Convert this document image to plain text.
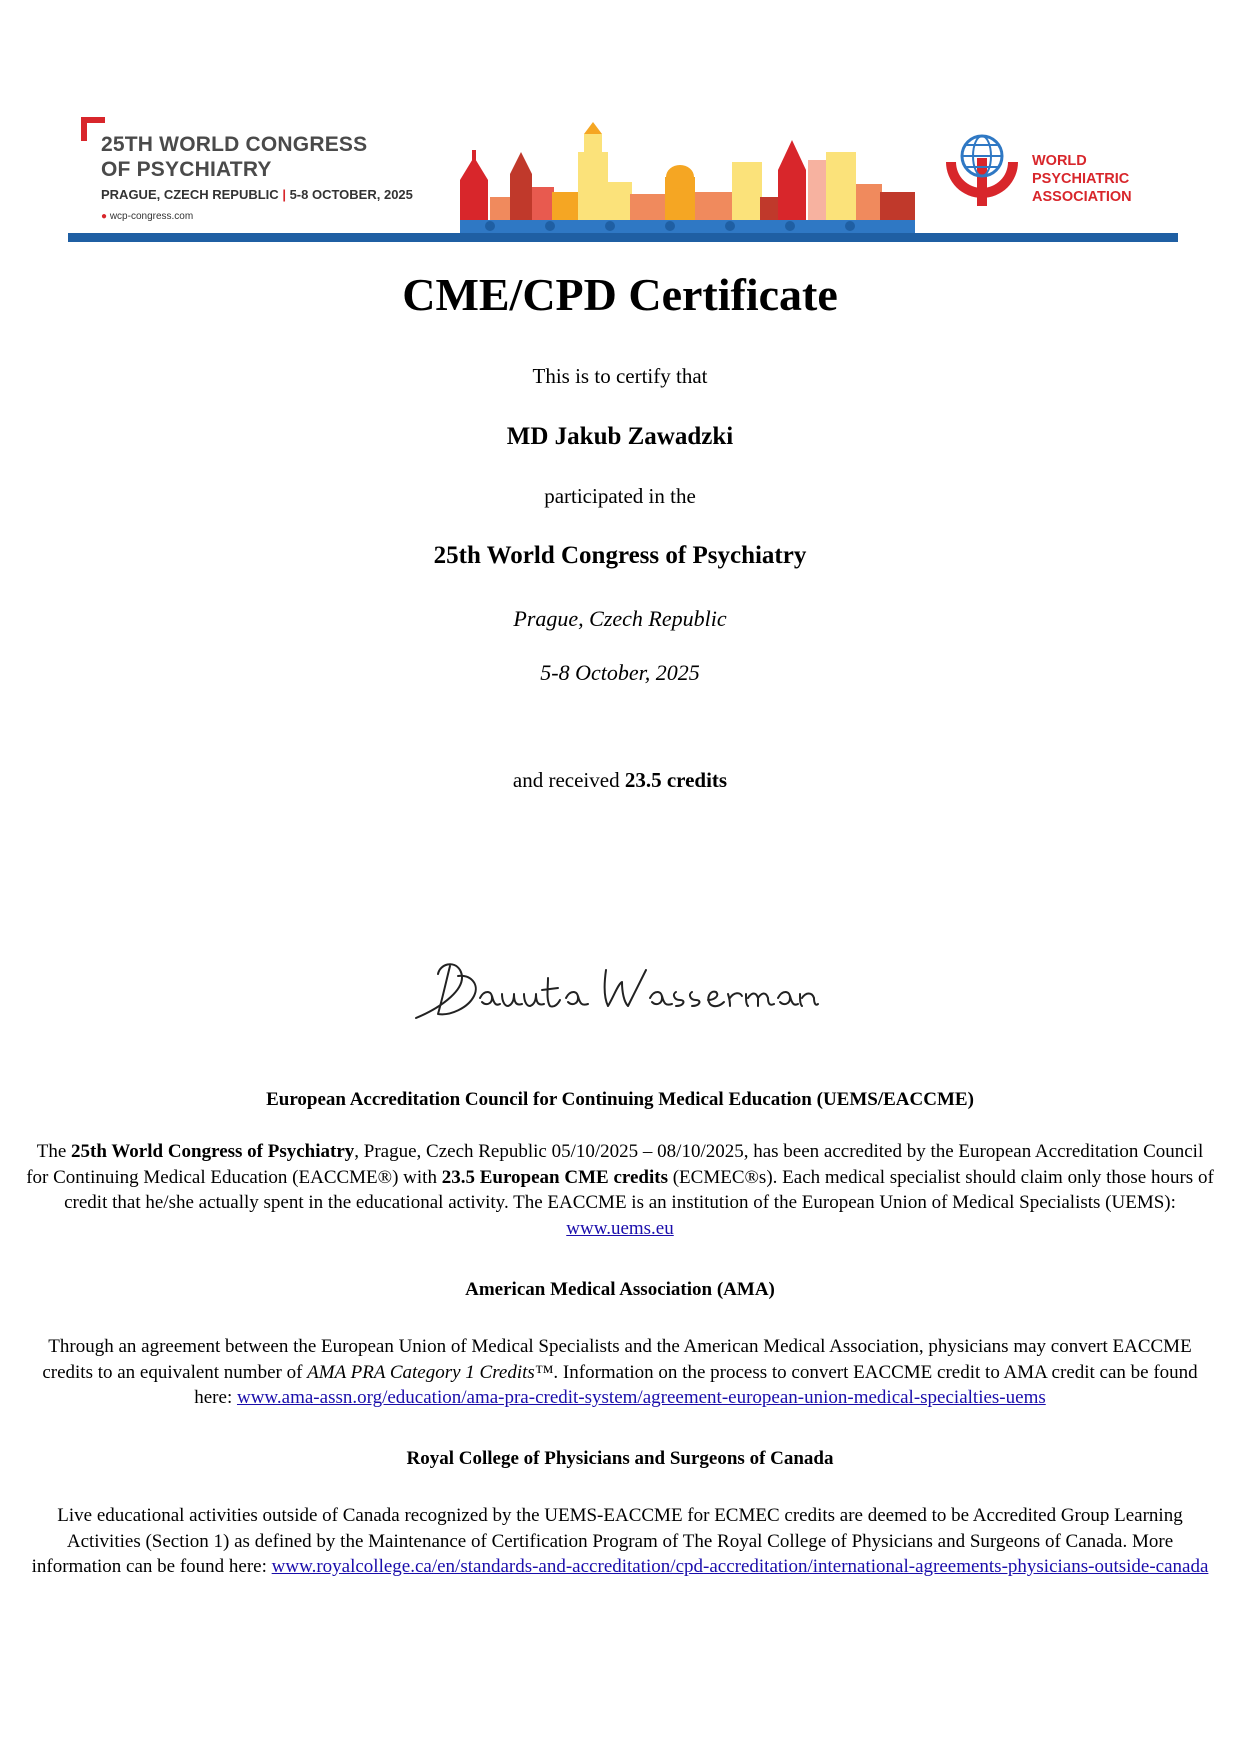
25TH WORLD CONGRESS
OF PSYCHIATRY
PRAGUE, CZECH REPUBLIC | 5-8 OCTOBER, 2025
● wcp-congress.com
WORLD
PSYCHIATRIC
ASSOCIATION
CME/CPD Certificate
This is to certify that
MD Jakub Zawadzki
participated in the
25th World Congress of Psychiatry
Prague, Czech Republic
5-8 October, 2025
and received 23.5 credits
European Accreditation Council for Continuing Medical Education (UEMS/EACCME)
The 25th World Congress of Psychiatry, Prague, Czech Republic 05/10/2025 – 08/10/2025, has been accredited by the European Accreditation Council for Continuing Medical Education (EACCME®) with 23.5 European CME credits (ECMEC®s). Each medical specialist should claim only those hours of credit that he/she actually spent in the educational activity. The EACCME is an institution of the European Union of Medical Specialists (UEMS): www.uems.eu
American Medical Association (AMA)
Through an agreement between the European Union of Medical Specialists and the American Medical Association, physicians may convert EACCME credits to an equivalent number of AMA PRA Category 1 Credits™. Information on the process to convert EACCME credit to AMA credit can be found here: www.ama-assn.org/education/ama-pra-credit-system/agreement-european-union-medical-specialties-uems
Royal College of Physicians and Surgeons of Canada
Live educational activities outside of Canada recognized by the UEMS-EACCME for ECMEC credits are deemed to be Accredited Group Learning Activities (Section 1) as defined by the Maintenance of Certification Program of The Royal College of Physicians and Surgeons of Canada. More information can be found here: www.royalcollege.ca/en/standards-and-accreditation/cpd-accreditation/international-agreements-physicians-outside-canada
